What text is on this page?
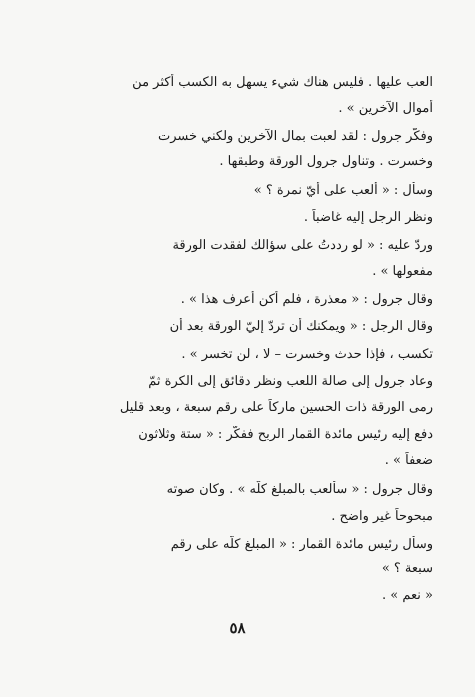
العب عليها . فليس هناك شيء يسهل به الكسب أكثر من
أموال الآخرين » .
وفكّر جرول : لقد لعبت بمال الآخرين ولكني خسرت
وخسرت . وتناول جرول الورقة وطبقها .
وسأل : « ألعب على أيّ نمرة ؟ »
ونظر الرجل إليه غاضباً .
وردّ عليه : « لو رددتُ على سؤالك لفقدت الورقة
مفعولها » .
وقال جرول : « معذرة ، فلم أكن أعرف هذا » .
وقال الرجل : « ويمكنك أن تردّ إليّ الورقة بعد أن
تكسب ، فإذا حدث وخسرت – لا ، لن تخسر » .
وعاد جرول إلى صالة اللعب ونظر دقائق إلى الكرة ثمّ
رمى الورقة ذات الحسين ماركاً على رقم سبعة ، وبعد قليل
دفع إليه رئيس مائدة القمار الربح ففكّر : « ستة وثلاثون
ضعفاً » .
وقال جرول : « سألعب بالمبلغ كلّه » . وكان صوته
مبحوحاً غير واضح .
وسأل رئيس مائدة القمار : « المبلغ كلّه على رقم
سبعة ؟ »
« نعم » .
٥٨
